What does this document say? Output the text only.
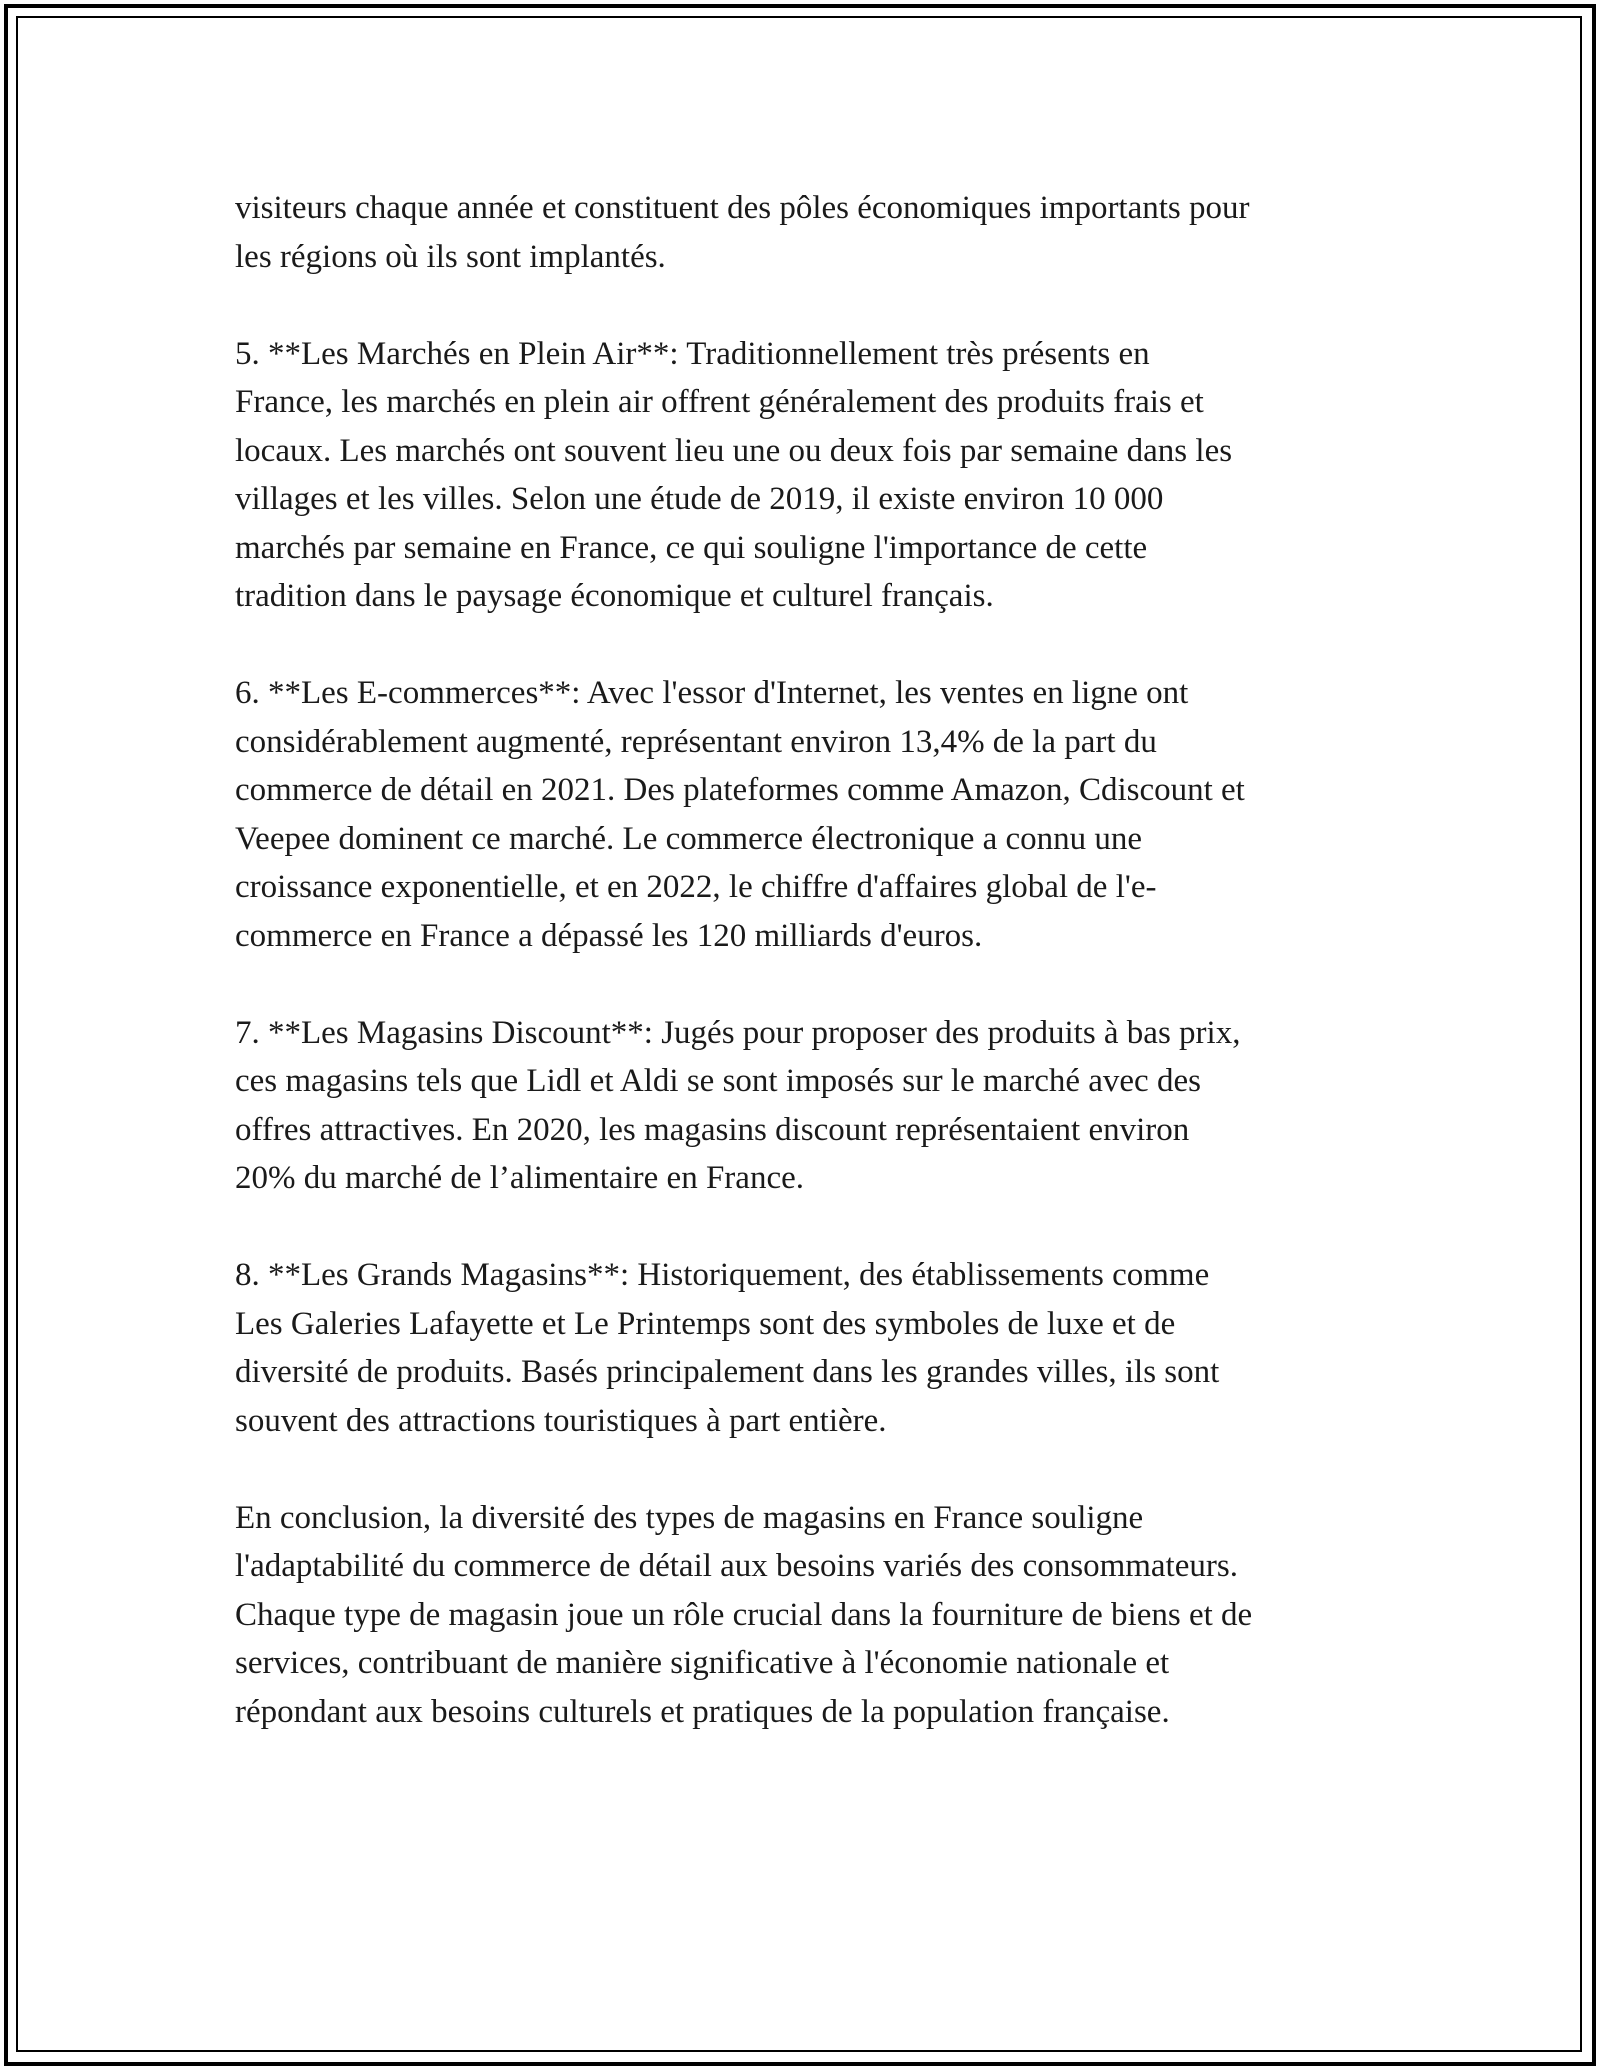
visiteurs chaque année et constituent des pôles économiques importants pour
les régions où ils sont implantés.

5. **Les Marchés en Plein Air**: Traditionnellement très présents en
France, les marchés en plein air offrent généralement des produits frais et
locaux. Les marchés ont souvent lieu une ou deux fois par semaine dans les
villages et les villes. Selon une étude de 2019, il existe environ 10 000
marchés par semaine en France, ce qui souligne l'importance de cette
tradition dans le paysage économique et culturel français.

6. **Les E-commerces**: Avec l'essor d'Internet, les ventes en ligne ont
considérablement augmenté, représentant environ 13,4% de la part du
commerce de détail en 2021. Des plateformes comme Amazon, Cdiscount et
Veepee dominent ce marché. Le commerce électronique a connu une
croissance exponentielle, et en 2022, le chiffre d'affaires global de l'e-
commerce en France a dépassé les 120 milliards d'euros.

7. **Les Magasins Discount**: Jugés pour proposer des produits à bas prix,
ces magasins tels que Lidl et Aldi se sont imposés sur le marché avec des
offres attractives. En 2020, les magasins discount représentaient environ
20% du marché de l’alimentaire en France.

8. **Les Grands Magasins**: Historiquement, des établissements comme
Les Galeries Lafayette et Le Printemps sont des symboles de luxe et de
diversité de produits. Basés principalement dans les grandes villes, ils sont
souvent des attractions touristiques à part entière.

En conclusion, la diversité des types de magasins en France souligne
l'adaptabilité du commerce de détail aux besoins variés des consommateurs.
Chaque type de magasin joue un rôle crucial dans la fourniture de biens et de
services, contribuant de manière significative à l'économie nationale et
répondant aux besoins culturels et pratiques de la population française.
